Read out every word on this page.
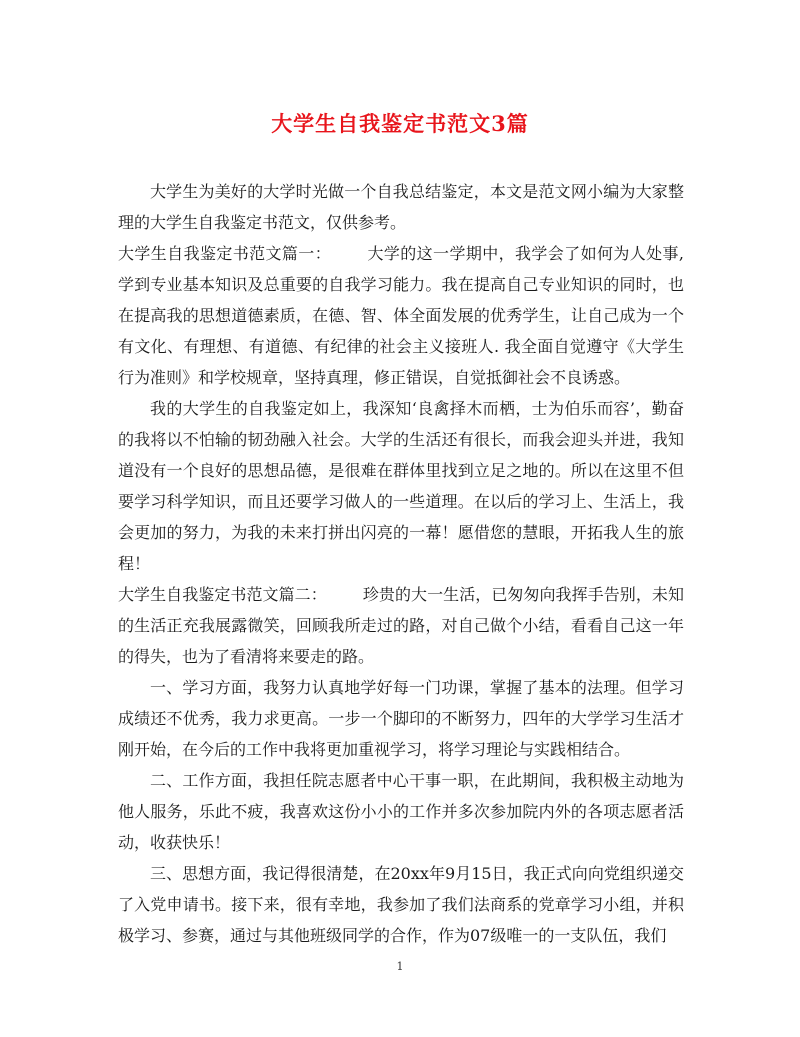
大学生自我鉴定书范文3篇

大学生为美好的大学时光做一个自我总结鉴定，本文是范文网小编为大家整理的大学生自我鉴定书范文，仅供参考。

大学生自我鉴定书范文篇一： 大学的这一学期中，我学会了如何为人处事,学到专业基本知识及总重要的自我学习能力。我在提高自己专业知识的同时，也在提高我的思想道德素质，在德、智、体全面发展的优秀学生，让自己成为一个有文化、有理想、有道德、有纪律的社会主义接班人. 我全面自觉遵守《大学生行为准则》和学校规章，坚持真理，修正错误，自觉抵御社会不良诱惑。

我的大学生的自我鉴定如上，我深知‘良禽择木而栖，士为伯乐而容’，勤奋的我将以不怕输的韧劲融入社会。大学的生活还有很长，而我会迎头并进，我知道没有一个良好的思想品德，是很难在群体里找到立足之地的。所以在这里不但要学习科学知识，而且还要学习做人的一些道理。在以后的学习上、生活上，我会更加的努力，为我的未来打拼出闪亮的一幕！愿借您的慧眼，开拓我人生的旅程！

大学生自我鉴定书范文篇二： 珍贵的大一生活，已匆匆向我挥手告别，未知的生活正充我展露微笑，回顾我所走过的路，对自己做个小结，看看自己这一年的得失，也为了看清将来要走的路。

一、学习方面，我努力认真地学好每一门功课，掌握了基本的法理。但学习成绩还不优秀，我力求更高。一步一个脚印的不断努力，四年的大学学习生活才刚开始，在今后的工作中我将更加重视学习，将学习理论与实践相结合。

二、工作方面，我担任院志愿者中心干事一职，在此期间，我积极主动地为他人服务，乐此不疲，我喜欢这份小小的工作并多次参加院内外的各项志愿者活动，收获快乐！

三、思想方面，我记得很清楚，在20xx年9月15日，我正式向向党组织递交了入党申请书。接下来，很有幸地，我参加了我们法商系的党章学习小组，并积极学习、参赛，通过与其他班级同学的合作，作为07级唯一的一支队伍，我们

1
